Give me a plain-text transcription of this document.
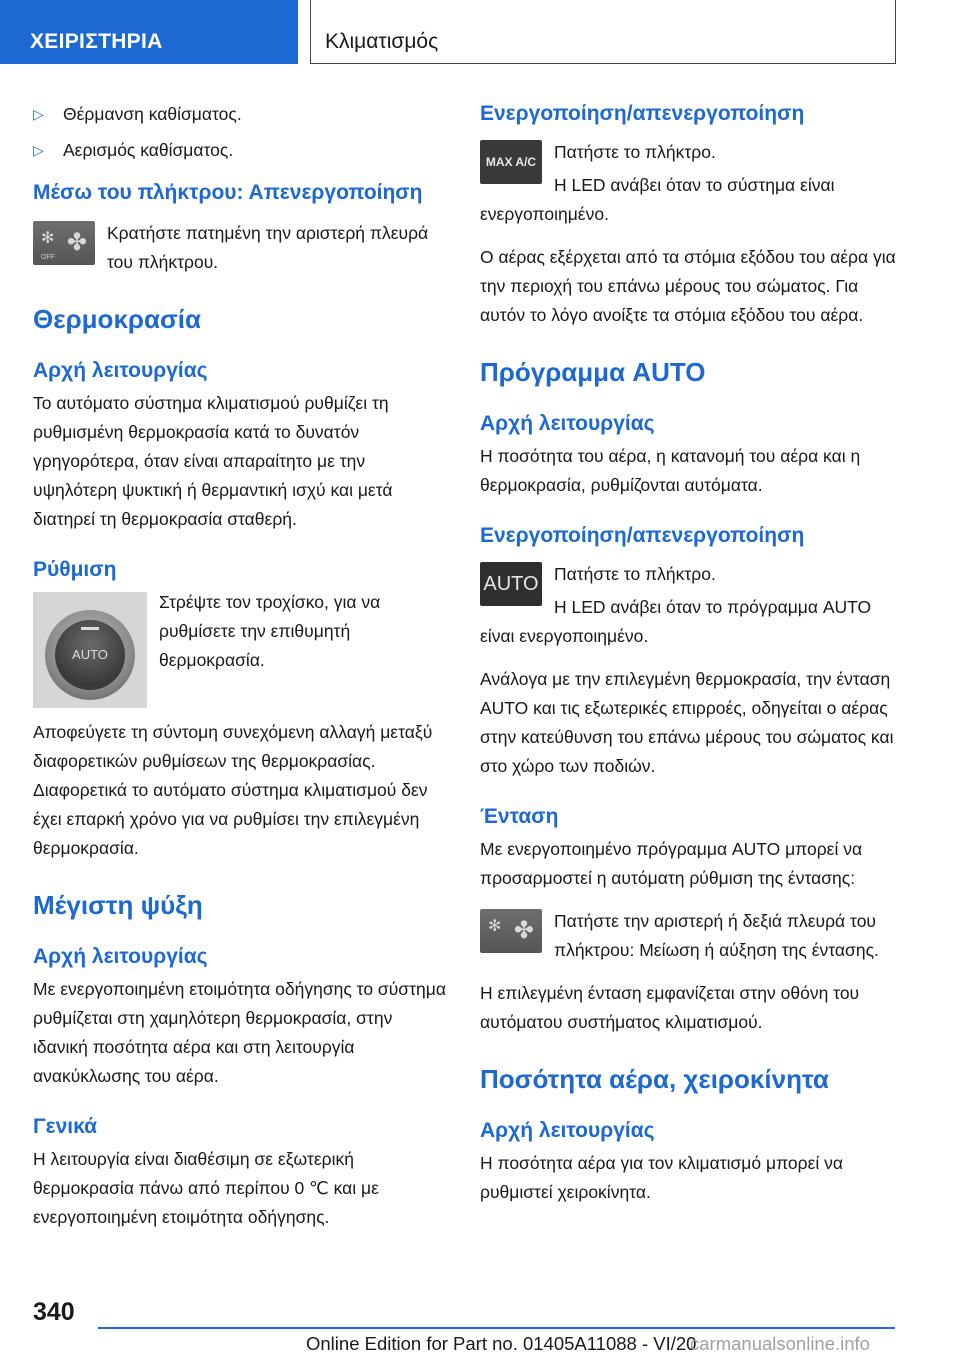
ΧΕΙΡΙΣΤΗΡΙΑ	Κλιματισμός

▷ Θέρμανση καθίσματος.

▷ Αερισμός καθίσματος.

Μέσω του πλήκτρου: Απενεργοποίηση
✻ ✤
OFF

Κρατήστε πατημένη την αριστερή πλευρά του πλήκτρου.

Θερμοκρασία
Αρχή λειτουργίας

Το αυτόματο σύστημα κλιματισμού ρυθμίζει τη ρυθμισμένη θερμοκρασία κατά το δυνατόν γρηγορότερα, όταν είναι απαραίτητο με την υψηλότερη ψυκτική ή θερμαντική ισχύ και μετά διατηρεί τη θερμοκρασία σταθερή.

Ρύθμιση
AUTO

Στρέψτε τον τροχίσκο, για να ρυθμίσετε την επιθυμητή θερμοκρασία.

Αποφεύγετε τη σύντομη συνεχόμενη αλλαγή μεταξύ διαφορετικών ρυθμίσεων της θερμοκρασίας. Διαφορετικά το αυτόματο σύστημα κλιματισμού δεν έχει επαρκή χρόνο για να ρυθμίσει την επιλεγμένη θερμοκρασία.

Μέγιστη ψύξη
Αρχή λειτουργίας

Με ενεργοποιημένη ετοιμότητα οδήγησης το σύστημα ρυθμίζεται στη χαμηλότερη θερμοκρασία, στην ιδανική ποσότητα αέρα και στη λειτουργία ανακύκλωσης του αέρα.

Γενικά

Η λειτουργία είναι διαθέσιμη σε εξωτερική θερμοκρασία πάνω από περίπου 0 ℃ και με ενεργοποιημένη ετοιμότητα οδήγησης.

Ενεργοποίηση/απενεργοποίηση
MAX A/C	Πατήστε το πλήκτρο.

Η LED ανάβει όταν το σύστημα είναι ενεργοποιημένο.

Ο αέρας εξέρχεται από τα στόμια εξόδου του αέρα για την περιοχή του επάνω μέρους του σώματος. Για αυτόν το λόγο ανοίξτε τα στόμια εξόδου του αέρα.

Πρόγραμμα AUTO
Αρχή λειτουργίας

Η ποσότητα του αέρα, η κατανομή του αέρα και η θερμοκρασία, ρυθμίζονται αυτόματα.

Ενεργοποίηση/απενεργοποίηση
AUTO Πατήστε το πλήκτρο.

Η LED ανάβει όταν το πρόγραμμα AUTO είναι ενεργοποιημένο.

Ανάλογα με την επιλεγμένη θερμοκρασία, την ένταση AUTO και τις εξωτερικές επιρροές, οδηγείται ο αέρας στην κατεύθυνση του επάνω μέρους του σώματος και στο χώρο των ποδιών.

Ένταση

Με ενεργοποιημένο πρόγραμμα AUTO μπορεί να προσαρμοστεί η αυτόματη ρύθμιση της έντασης:

✻ ✤	Πατήστε την αριστερή ή δεξιά πλευρά του πλήκτρου: Μείωση ή αύξηση της έντασης.

Η επιλεγμένη ένταση εμφανίζεται στην οθόνη του αυτόματου συστήματος κλιματισμού.

Ποσότητα αέρα, χειροκίνητα
Αρχή λειτουργίας

Η ποσότητα αέρα για τον κλιματισμό μπορεί να ρυθμιστεί χειροκίνητα.

340
Online Edition for Part no. 01405A11088 - VI/20
carmanualsonline.info
